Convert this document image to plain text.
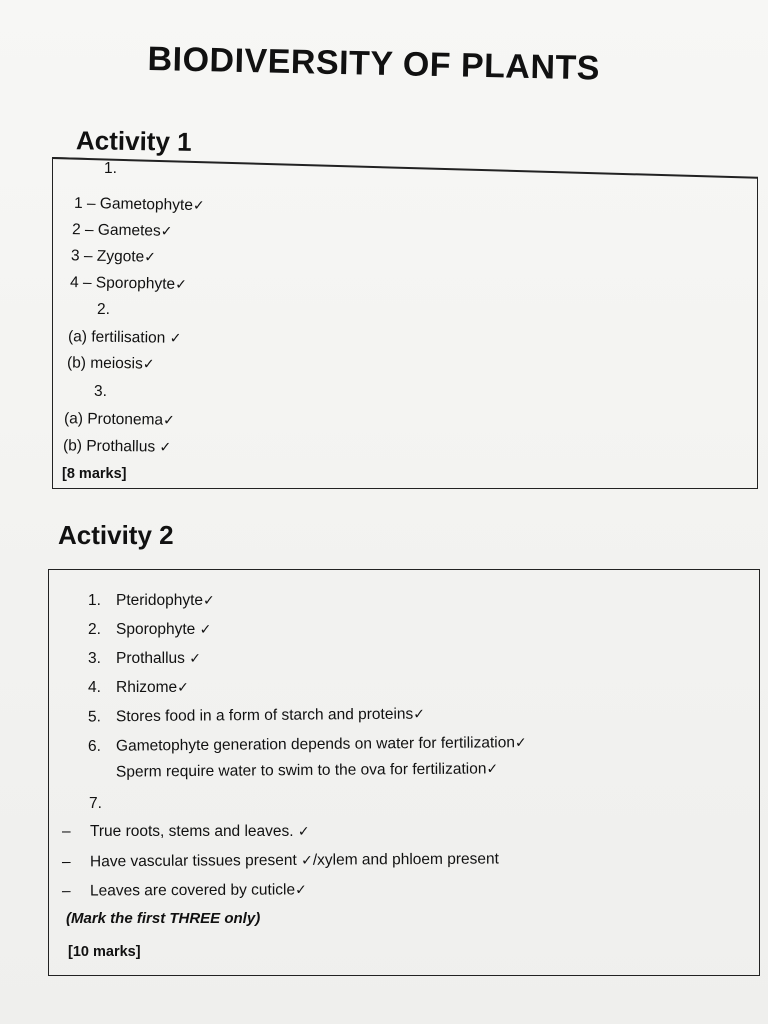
BIODIVERSITY OF PLANTS
Activity 1
1.
1 – Gametophyte✓
2 – Gametes✓
3 – Zygote✓
4 – Sporophyte✓
2.
(a) fertilisation ✓
(b) meiosis✓
3.
(a) Protonema✓
(b) Prothallus ✓
[8 marks]
Activity 2
1. Pteridophyte✓
2. Sporophyte ✓
3. Prothallus ✓
4. Rhizome✓
5. Stores food in a form of starch and proteins✓
6. Gametophyte generation depends on water for fertilization✓
Sperm require water to swim to the ova for fertilization✓
7.
– True roots, stems and leaves. ✓
– Have vascular tissues present ✓/xylem and phloem present
– Leaves are covered by cuticle✓
(Mark the first THREE only)
[10 marks]
